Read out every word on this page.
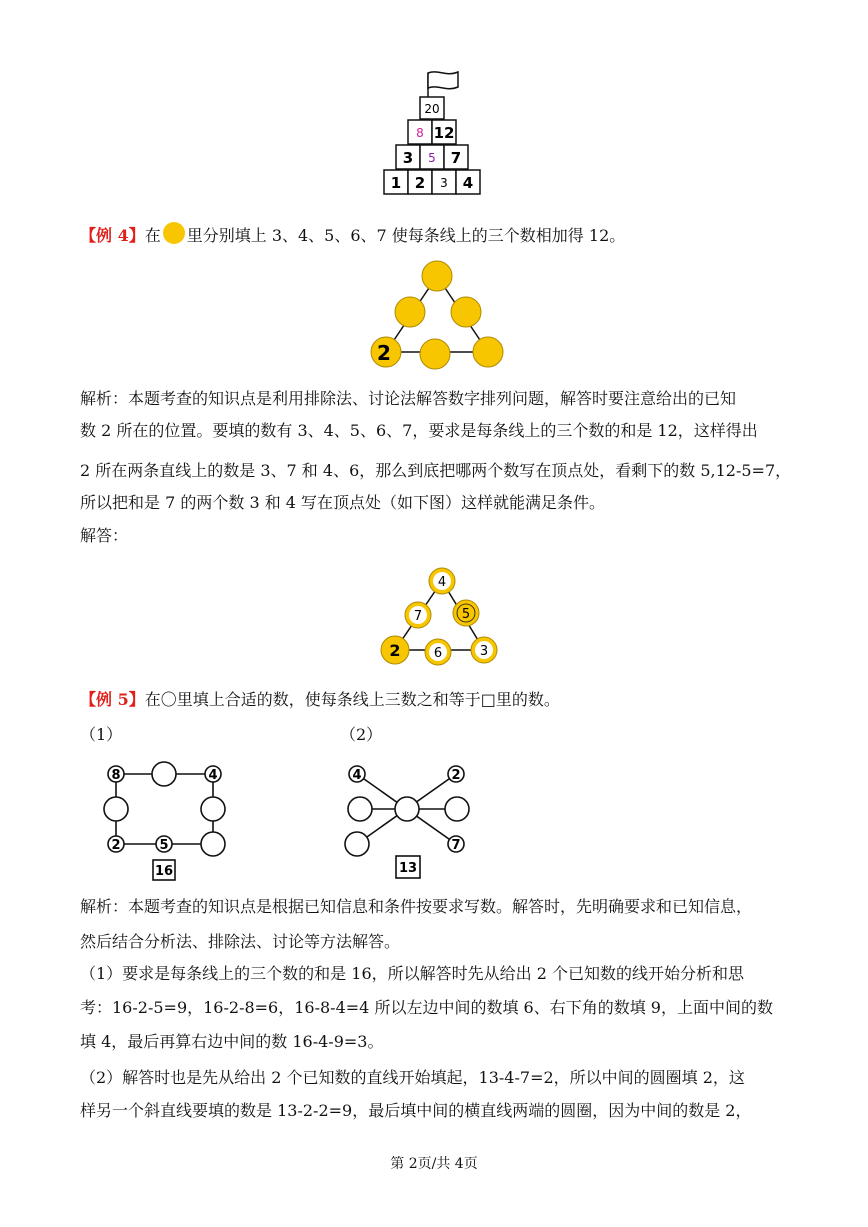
20
8 12
3 5 7
1 2 3 4
【例 4】在 里分别填上 3、4、5、6、7 使每条线上的三个数相加得 12。
2
解析：本题考查的知识点是利用排除法、讨论法解答数字排列问题，解答时要注意给出的已知
数 2 所在的位置。要填的数有 3、4、5、6、7，要求是每条线上的三个数的和是 12，这样得出
2 所在两条直线上的数是 3、7 和 4、6，那么到底把哪两个数写在顶点处，看剩下的数 5,12-5=7，
所以把和是 7 的两个数 3 和 4 写在顶点处（如下图）这样就能满足条件。
解答：
4
7	5
2	6	3
【例 5】在〇里填上合适的数，使每条线上三数之和等于□里的数。
（1）	（2）
8	4
2	5
16
4	2
7
13
解析：本题考查的知识点是根据已知信息和条件按要求写数。解答时，先明确要求和已知信息，
然后结合分析法、排除法、讨论等方法解答。
（1）要求是每条线上的三个数的和是 16，所以解答时先从给出 2 个已知数的线开始分析和思
考：16-2-5=9，16-2-8=6，16-8-4=4 所以左边中间的数填 6、右下角的数填 9，上面中间的数
填 4，最后再算右边中间的数 16-4-9=3。
（2）解答时也是先从给出 2 个已知数的直线开始填起，13-4-7=2，所以中间的圆圈填 2，这
样另一个斜直线要填的数是 13-2-2=9，最后填中间的横直线两端的圆圈，因为中间的数是 2，
第 2页/共 4页
